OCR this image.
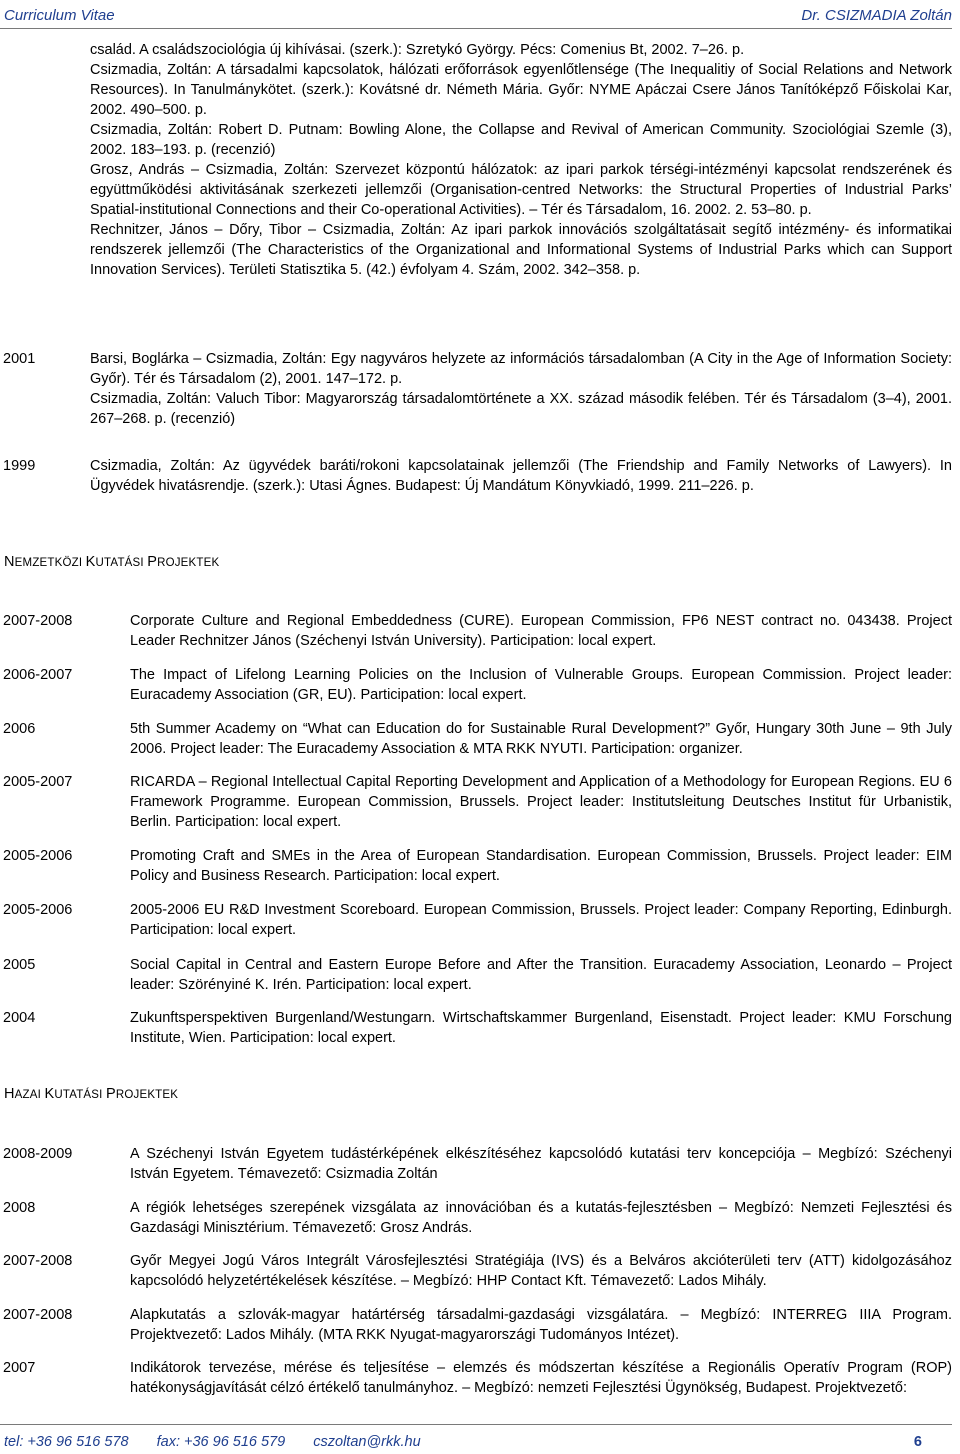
Curriculum Vitae	Dr. CSIZMADIA Zoltán
család. A családszociológia új kihívásai. (szerk.): Szretykó György. Pécs: Comenius Bt, 2002. 7–26. p.
Csizmadia, Zoltán: A társadalmi kapcsolatok, hálózati erőforrások egyenlőtlensége (The Inequalitiy of Social Relations and Network Resources). In Tanulmánykötet. (szerk.): Kovátsné dr. Németh Mária. Győr: NYME Apáczai Csere János Tanítóképző Főiskolai Kar, 2002. 490–500. p.
Csizmadia, Zoltán: Robert D. Putnam: Bowling Alone, the Collapse and Revival of American Community. Szociológiai Szemle (3), 2002. 183–193. p. (recenzió)
Grosz, András – Csizmadia, Zoltán: Szervezet központú hálózatok: az ipari parkok térségi-intézményi kapcsolat rendszerének és együttműködési aktivitásának szerkezeti jellemzői (Organisation-centred Networks: the Structural Properties of Industrial Parks’ Spatial-institutional Connections and their Co-operational Activities). – Tér és Társadalom, 16. 2002. 2. 53–80. p.
Rechnitzer, János – Dőry, Tibor – Csizmadia, Zoltán: Az ipari parkok innovációs szolgáltatásait segítő intézmény- és informatikai rendszerek jellemzői (The Characteristics of the Organizational and Informational Systems of Industrial Parks which can Support Innovation Services). Területi Statisztika 5. (42.) évfolyam 4. Szám, 2002. 342–358. p.
2001	Barsi, Boglárka – Csizmadia, Zoltán: Egy nagyváros helyzete az információs társadalomban (A City in the Age of Information Society: Győr). Tér és Társadalom (2), 2001. 147–172. p.
Csizmadia, Zoltán: Valuch Tibor: Magyarország társadalomtörténete a XX. század második felében. Tér és Társadalom (3–4), 2001. 267–268. p. (recenzió)
1999	Csizmadia, Zoltán: Az ügyvédek baráti/rokoni kapcsolatainak jellemzői (The Friendship and Family Networks of Lawyers). In Ügyvédek hivatásrendje. (szerk.): Utasi Ágnes. Budapest: Új Mandátum Könyvkiadó, 1999. 211–226. p.
NEMZETKÖZI KUTATÁSI PROJEKTEK
2007-2008	Corporate Culture and Regional Embeddedness (CURE). European Commission, FP6 NEST contract no. 043438. Project Leader Rechnitzer János (Széchenyi István University). Participation: local expert.
2006-2007	The Impact of Lifelong Learning Policies on the Inclusion of Vulnerable Groups. European Commission. Project leader: Euracademy Association (GR, EU). Participation: local expert.
2006	5th Summer Academy on “What can Education do for Sustainable Rural Development?” Győr, Hungary 30th June – 9th July 2006. Project leader: The Euracademy Association & MTA RKK NYUTI. Participation: organizer.
2005-2007	RICARDA – Regional Intellectual Capital Reporting Development and Application of a Methodology for European Regions. EU 6 Framework Programme. European Commission, Brussels. Project leader: Institutsleitung Deutsches Institut für Urbanistik, Berlin. Participation: local expert.
2005-2006	Promoting Craft and SMEs in the Area of European Standardisation. European Commission, Brussels. Project leader: EIM Policy and Business Research. Participation: local expert.
2005-2006	2005-2006 EU R&D Investment Scoreboard. European Commission, Brussels. Project leader: Company Reporting, Edinburgh. Participation: local expert.
2005	Social Capital in Central and Eastern Europe Before and After the Transition. Euracademy Association, Leonardo – Project leader: Szörényiné K. Irén. Participation: local expert.
2004	Zukunftsperspektiven Burgenland/Westungarn. Wirtschaftskammer Burgenland, Eisenstadt. Project leader: KMU Forschung Institute, Wien. Participation: local expert.
HAZAI KUTATÁSI PROJEKTEK
2008-2009	A Széchenyi István Egyetem tudástérképének elkészítéséhez kapcsolódó kutatási terv koncepciója – Megbízó: Széchenyi István Egyetem. Témavezető: Csizmadia Zoltán
2008	A régiók lehetséges szerepének vizsgálata az innovációban és a kutatás-fejlesztésben – Megbízó: Nemzeti Fejlesztési és Gazdasági Minisztérium. Témavezető: Grosz András.
2007-2008	Győr Megyei Jogú Város Integrált Városfejlesztési Stratégiája (IVS) és a Belváros akcióterületi terv (ATT) kidolgozásához kapcsolódó helyzetértékelések készítése. – Megbízó: HHP Contact Kft. Témavezető: Lados Mihály.
2007-2008	Alapkutatás a szlovák-magyar határtérség társadalmi-gazdasági vizsgálatára. – Megbízó: INTERREG IIIA Program. Projektvezető: Lados Mihály. (MTA RKK Nyugat-magyarországi Tudományos Intézet).
2007	Indikátorok tervezése, mérése és teljesítése – elemzés és módszertan készítése a Regionális Operatív Program (ROP) hatékonyságjavítását célzó értékelő tanulmányhoz. – Megbízó: nemzeti Fejlesztési Ügynökség, Budapest. Projektvezető:
tel: +36 96 516 578 fax: +36 96 516 579 cszoltan@rkk.hu	6
